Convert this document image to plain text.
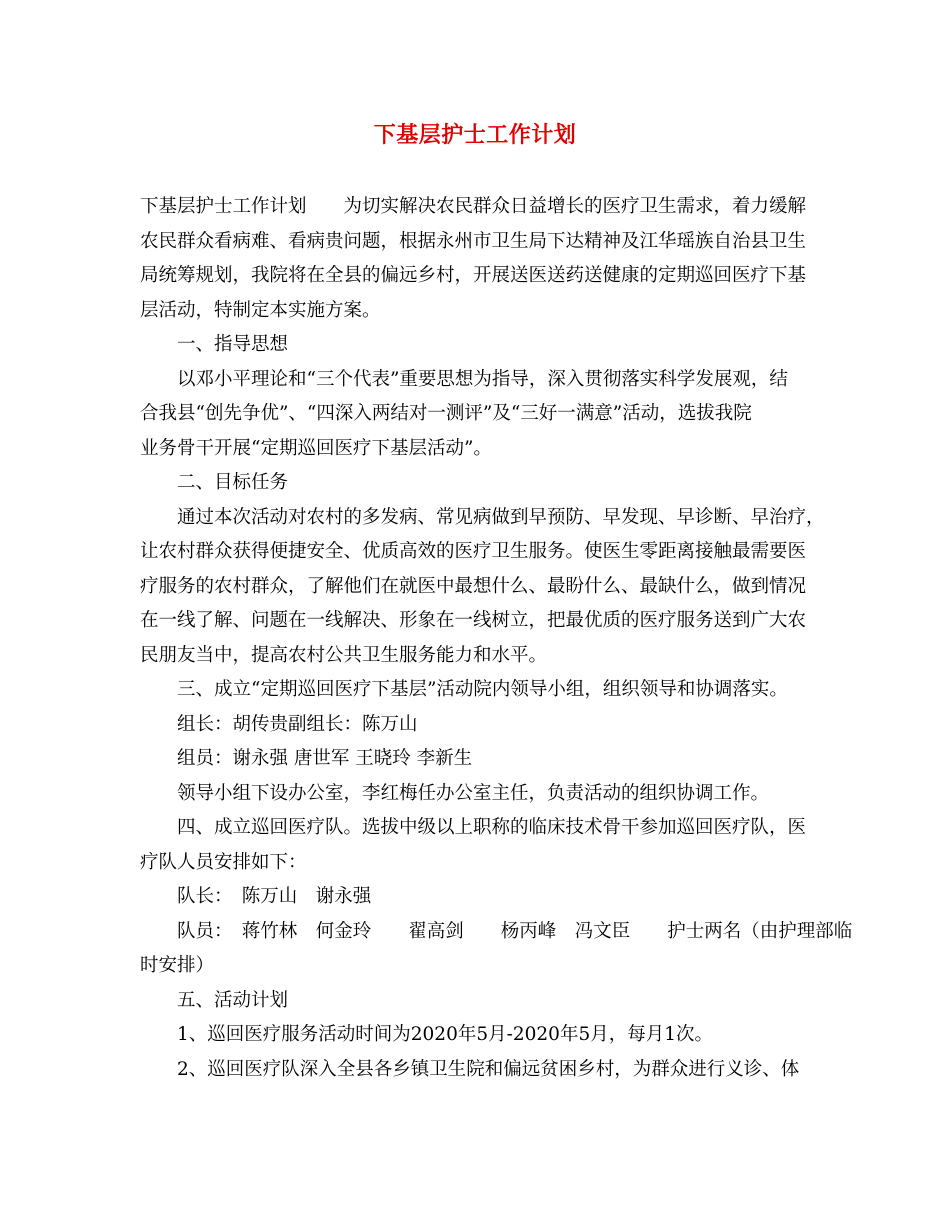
下基层护士工作计划

下基层护士工作计划　　为切实解决农民群众日益增长的医疗卫生需求，着力缓解

农民群众看病难、看病贵问题，根据永州市卫生局下达精神及江华瑶族自治县卫生

局统筹规划，我院将在全县的偏远乡村，开展送医送药送健康的定期巡回医疗下基

层活动，特制定本实施方案。

　　一、指导思想

　　以邓小平理论和“三个代表”重要思想为指导，深入贯彻落实科学发展观，结

合我县“创先争优”、“四深入两结对一测评”及“三好一满意”活动，选拔我院

业务骨干开展“定期巡回医疗下基层活动”。

　　二、目标任务

　　通过本次活动对农村的多发病、常见病做到早预防、早发现、早诊断、早治疗，

让农村群众获得便捷安全、优质高效的医疗卫生服务。使医生零距离接触最需要医

疗服务的农村群众，了解他们在就医中最想什么、最盼什么、最缺什么，做到情况

在一线了解、问题在一线解决、形象在一线树立，把最优质的医疗服务送到广大农

民朋友当中，提高农村公共卫生服务能力和水平。

　　三、成立“定期巡回医疗下基层”活动院内领导小组，组织领导和协调落实。

　　组长：胡传贵副组长：陈万山

　　组员：谢永强 唐世军 王晓玲 李新生

　　领导小组下设办公室，李红梅任办公室主任，负责活动的组织协调工作。

　　四、成立巡回医疗队。选拔中级以上职称的临床技术骨干参加巡回医疗队，医

疗队人员安排如下：

　　队长：　陈万山　谢永强

　　队员：　蒋竹林　何金玲　　翟高剑　　杨丙峰　冯文臣　　护士两名（由护理部临

时安排）

　　五、活动计划

　　1、巡回医疗服务活动时间为2020年5月-2020年5月，每月1次。

　　2、巡回医疗队深入全县各乡镇卫生院和偏远贫困乡村，为群众进行义诊、体
